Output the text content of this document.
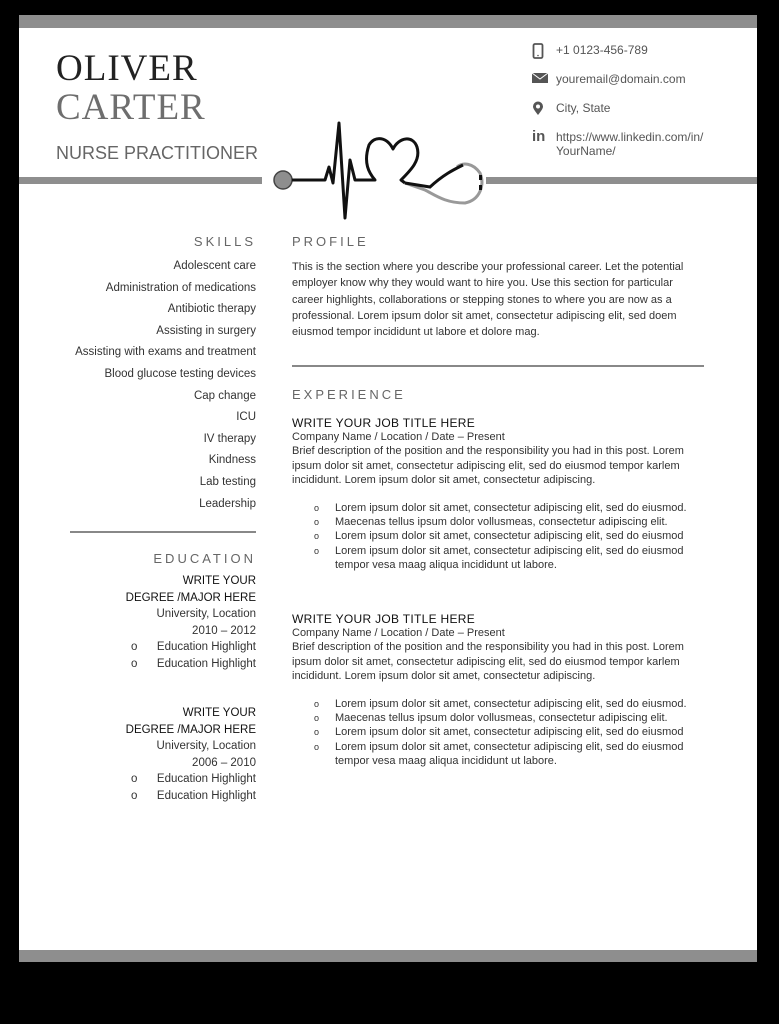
OLIVER
CARTER
NURSE PRACTITIONER
+1 0123-456-789
youremail@domain.com
City, State
in https://www.linkedin.com/in/
YourName/
SKILLS
Adolescent care
Administration of medications
Antibiotic therapy
Assisting in surgery
Assisting with exams and treatment
Blood glucose testing devices
Cap change
ICU
IV therapy
Kindness
Lab testing
Leadership
EDUCATION
WRITE YOUR
DEGREE /MAJOR HERE
University, Location
2010 – 2012
o Education Highlight
o Education Highlight
WRITE YOUR
DEGREE /MAJOR HERE
University, Location
2006 – 2010
o Education Highlight
o Education Highlight
PROFILE

This is the section where you describe your professional career. Let the potential employer know why they would want to hire you. Use this section for particular career highlights, collaborations or stepping stones to where you are now as a professional. Lorem ipsum dolor sit amet, consectetur adipiscing elit, sed doem eiusmod tempor incididunt ut labore et dolore mag.

EXPERIENCE
WRITE YOUR JOB TITLE HERE
Company Name / Location / Date – Present
Brief description of the position and the responsibility you had in this post. Lorem ipsum dolor sit amet, consectetur adipiscing elit, sed do eiusmod tempor karlem incididunt. Lorem ipsum dolor sit amet, consectetur adipiscing.
o	Lorem ipsum dolor sit amet, consectetur adipiscing elit, sed do eiusmod.
o	Maecenas tellus ipsum dolor vollusmeas, consectetur adipiscing elit.
o	Lorem ipsum dolor sit amet, consectetur adipiscing elit, sed do eiusmod
o	Lorem ipsum dolor sit amet, consectetur adipiscing elit, sed do eiusmod tempor vesa maag aliqua incididunt ut labore.
WRITE YOUR JOB TITLE HERE
Company Name / Location / Date – Present
Brief description of the position and the responsibility you had in this post. Lorem ipsum dolor sit amet, consectetur adipiscing elit, sed do eiusmod tempor karlem incididunt. Lorem ipsum dolor sit amet, consectetur adipiscing.
o	Lorem ipsum dolor sit amet, consectetur adipiscing elit, sed do eiusmod.
o	Maecenas tellus ipsum dolor vollusmeas, consectetur adipiscing elit.
o	Lorem ipsum dolor sit amet, consectetur adipiscing elit, sed do eiusmod
o	Lorem ipsum dolor sit amet, consectetur adipiscing elit, sed do eiusmod tempor vesa maag aliqua incididunt ut labore.
